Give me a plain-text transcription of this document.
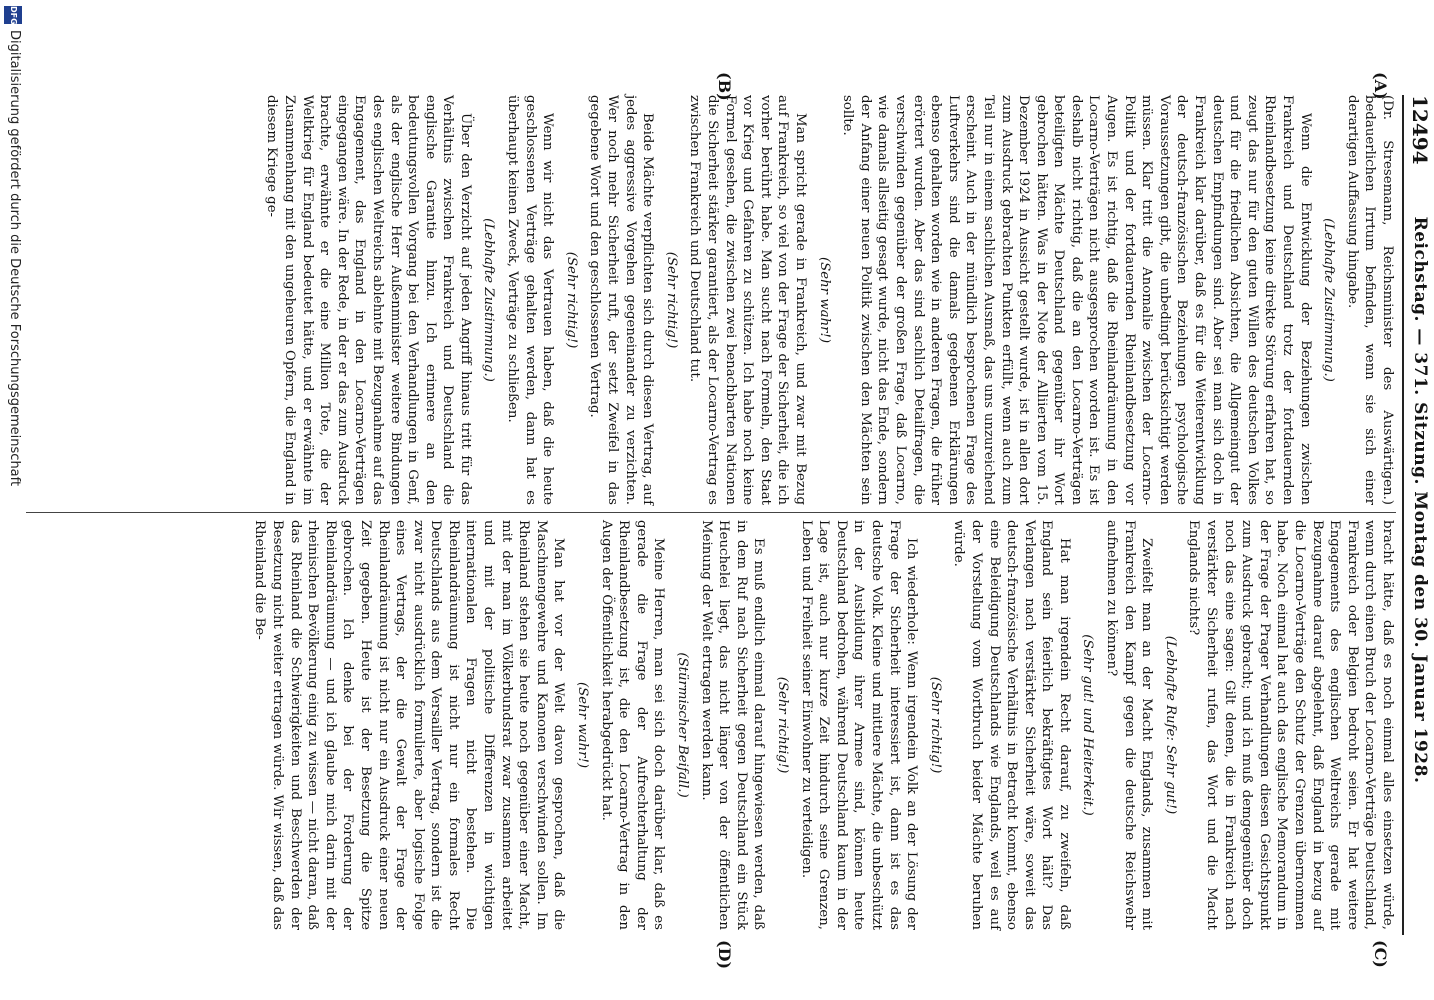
12494
Reichstag. — 371. Sitzung. Montag den 30. Januar 1928.
(A)
(B)
(C)
(D)

(Dr. Stresemann, Reichsminister des Auswärtigen.) bedauerlichen Irrtum befinden, wenn sie sich einer derartigen Auffassung hingabe.

(Lebhafte Zustimmung.)

Wenn die Entwicklung der Beziehungen zwischen Frankreich und Deutschland trotz der fortdauernden Rheinlandbesetzung keine direkte Störung erfahren hat, so zeugt das nur für den guten Willen des deutschen Volkes und für die friedlichen Absichten, die Allgemeingut der deutschen Empfindungen sind. Aber sei man sich doch in Frankreich klar darüber, daß es für die Weiterentwicklung der deutsch-französischen Beziehungen psychologische Voraussetzungen gibt, die unbedingt berücksichtigt werden müssen. Klar tritt die Anomalie zwischen der Locarno-Politik und der fortdauernden Rheinlandbesetzung vor Augen. Es ist richtig, daß die Rheinlandräumung in den Locarno-Verträgen nicht ausgesprochen worden ist. Es ist deshalb nicht richtig, daß die an den Locarno-Verträgen beteiligten Mächte Deutschland gegenüber ihr Wort gebrochen hätten. Was in der Note der Alliierten vom 15. Dezember 1924 in Aussicht gestellt wurde, ist in allen dort zum Ausdruck gebrachten Punkten erfüllt, wenn auch zum Teil nur in einem sachlichen Ausmaß, das uns unzureichend erscheint. Auch in der mündlich besprochenen Frage des Luftverkehrs sind die damals gegebenen Erklärungen ebenso gehalten worden wie in anderen Fragen, die früher erörtert wurden. Aber das sind sachlich Detailfragen, die verschwinden gegenüber der großen Frage, daß Locarno, wie damals allseitig gesagt wurde, nicht das Ende, sondern der Anfang einer neuen Politik zwischen den Mächten sein sollte.

(Sehr wahr!)

Man spricht gerade in Frankreich, und zwar mit Bezug auf Frankreich, so viel von der Frage der Sicherheit, die ich vorher berührt habe. Man sucht nach Formeln, den Staat vor Krieg und Gefahren zu schützen. Ich habe noch keine Formel gesehen, die zwischen zwei benachbarten Nationen die Sicherheit stärker garantiert, als der Locarno-Vertrag es zwischen Frankreich und Deutschland tut.

(Sehr richtig!)

Beide Mächte verpflichten sich durch diesen Vertrag, auf jedes aggressive Vorgehen gegeneinander zu verzichten. Wer noch mehr Sicherheit ruft, der setzt Zweifel in das gegebene Wort und den geschlossenen Vertrag.

(Sehr richtig!)

Wenn wir nicht das Vertrauen haben, daß die heute geschlossenen Verträge gehalten werden, dann hat es überhaupt keinen Zweck, Verträge zu schließen.

(Lebhafte Zustimmung.)

Über den Verzicht auf jeden Angriff hinaus tritt für das Verhältnis zwischen Frankreich und Deutschland die englische Garantie hinzu. Ich erinnere an den bedeutungsvollen Vorgang bei den Verhandlungen in Genf, als der englische Herr Außenminister weitere Bindungen des englischen Weltreichs ablehnte mit Bezugnahme auf das Engagement, das England in den Locarno-Verträgen eingegangen wäre. In der Rede, in der er das zum Ausdruck brachte, erwähnte er die eine Million Tote, die der Weltkrieg für England bedeutet hätte, und er erwähnte im Zusammenhang mit den ungeheuren Opfern, die England in diesem Kriege ge-

bracht hätte, daß es noch einmal alles einsetzen würde, wenn durch einen Bruch der Locarno-Verträge Deutschland, Frankreich oder Belgien bedroht seien. Er hat weitere Engagements des englischen Weltreichs gerade mit Bezugnahme darauf abgelehnt, daß England in bezug auf die Locarno-Verträge den Schutz der Grenzen übernommen habe. Noch einmal hat auch das englische Memorandum in der Frage der Prager Verhandlungen diesen Gesichtspunkt zum Ausdruck gebracht; und ich muß demgegenüber doch noch das eine sagen: Gilt denen, die in Frankreich nach verstärkter Sicherheit rufen, das Wort und die Macht Englands nichts?

(Lebhafte Rufe: Sehr gut!)

Zweifelt man an der Macht Englands, zusammen mit Frankreich den Kampf gegen die deutsche Reichswehr aufnehmen zu können?

(Sehr gut! und Heiterkeit.)

Hat man irgendein Recht darauf, zu zweifeln, daß England sein feierlich bekräftigtes Wort hält? Das Verlangen nach verstärkter Sicherheit wäre, soweit das deutsch-französische Verhältnis in Betracht kommt, ebenso eine Beleidigung Deutschlands wie Englands, weil es auf der Vorstellung vom Wortbruch beider Mächte beruhen würde.

(Sehr richtig!)

Ich wiederhole: Wenn irgendein Volk an der Lösung der Frage der Sicherheit interessiert ist, dann ist es das deutsche Volk. Kleine und mittlere Mächte, die unbeschützt in der Ausbildung ihrer Armee sind, können heute Deutschland bedrohen, während Deutschland kaum in der Lage ist, auch nur kurze Zeit hindurch seine Grenzen, Leben und Freiheit seiner Einwohner zu verteidigen.

(Sehr richtig!)

Es muß endlich einmal darauf hingewiesen werden, daß in dem Ruf nach Sicherheit gegen Deutschland ein Stück Heuchelei liegt, das nicht länger von der öffentlichen Meinung der Welt ertragen werden kann.

(Stürmischer Beifall.)

Meine Herren, man sei sich doch darüber klar, daß es gerade die Frage der Aufrechterhaltung der Rheinlandbesetzung ist, die den Locarno-Vertrag in den Augen der Öffentlichkeit herabgedrückt hat.

(Sehr wahr!)

Man hat vor der Welt davon gesprochen, daß die Maschinengewehre und Kanonen verschwinden sollen. Im Rheinland stehen sie heute noch gegenüber einer Macht, mit der man im Völkerbundsrat zwar zusammen arbeitet und mit der politische Differenzen in wichtigen internationalen Fragen nicht bestehen. Die Rheinlandräumung ist nicht nur ein formales Recht Deutschlands aus dem Versailler Vertrag, sondern ist die zwar nicht ausdrücklich formulierte, aber logische Folge eines Vertrags, der die Gewalt der Frage der Rheinlandräumung ist nicht nur ein Ausdruck einer neuen Zeit gegeben. Heute ist der Besetzung die Spitze gebrochen. Ich denke bei der Forderung der Rheinlandräumung — und ich glaube mich darin mit der rheinischen Bevölkerung einig zu wissen — nicht daran, daß das Rheinland die Schwierigkeiten und Beschwerden der Besetzung nicht weiter ertragen würde. Wir wissen, daß das Rheinland die Be-

DFG
Digitalisierung gefördert durch die Deutsche Forschungsgemeinschaft
